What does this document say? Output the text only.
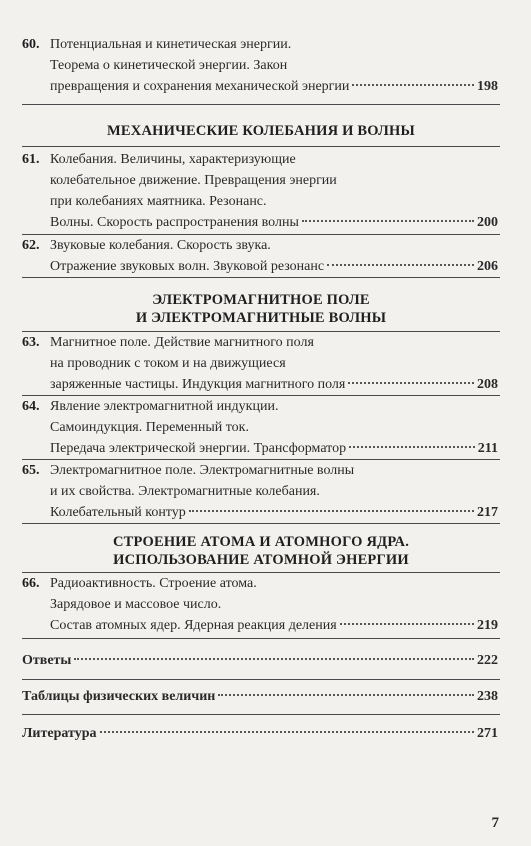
60. Потенциальная и кинетическая энергии.
Теорема о кинетической энергии. Закон
превращения и сохранения механической энергии	198
МЕХАНИЧЕСКИЕ КОЛЕБАНИЯ И ВОЛНЫ
61. Колебания. Величины, характеризующие
колебательное движение. Превращения энергии
при колебаниях маятника. Резонанс.
Волны. Скорость распространения волны	200
62. Звуковые колебания. Скорость звука.
Отражение звуковых волн. Звуковой резонанс	206
ЭЛЕКТРОМАГНИТНОЕ ПОЛЕ
И ЭЛЕКТРОМАГНИТНЫЕ ВОЛНЫ
63. Магнитное поле. Действие магнитного поля
на проводник с током и на движущиеся
заряженные частицы. Индукция магнитного поля	208
64. Явление электромагнитной индукции.
Самоиндукция. Переменный ток.
Передача электрической энергии. Трансформатор	211
65. Электромагнитное поле. Электромагнитные волны
и их свойства. Электромагнитные колебания.
Колебательный контур	217
СТРОЕНИЕ АТОМА И АТОМНОГО ЯДРА.
ИСПОЛЬЗОВАНИЕ АТОМНОЙ ЭНЕРГИИ
66. Радиоактивность. Строение атома.
Зарядовое и массовое число.
Состав атомных ядер. Ядерная реакция деления	219
Ответы	222
Таблицы физических величин	238
Литература	271
7
